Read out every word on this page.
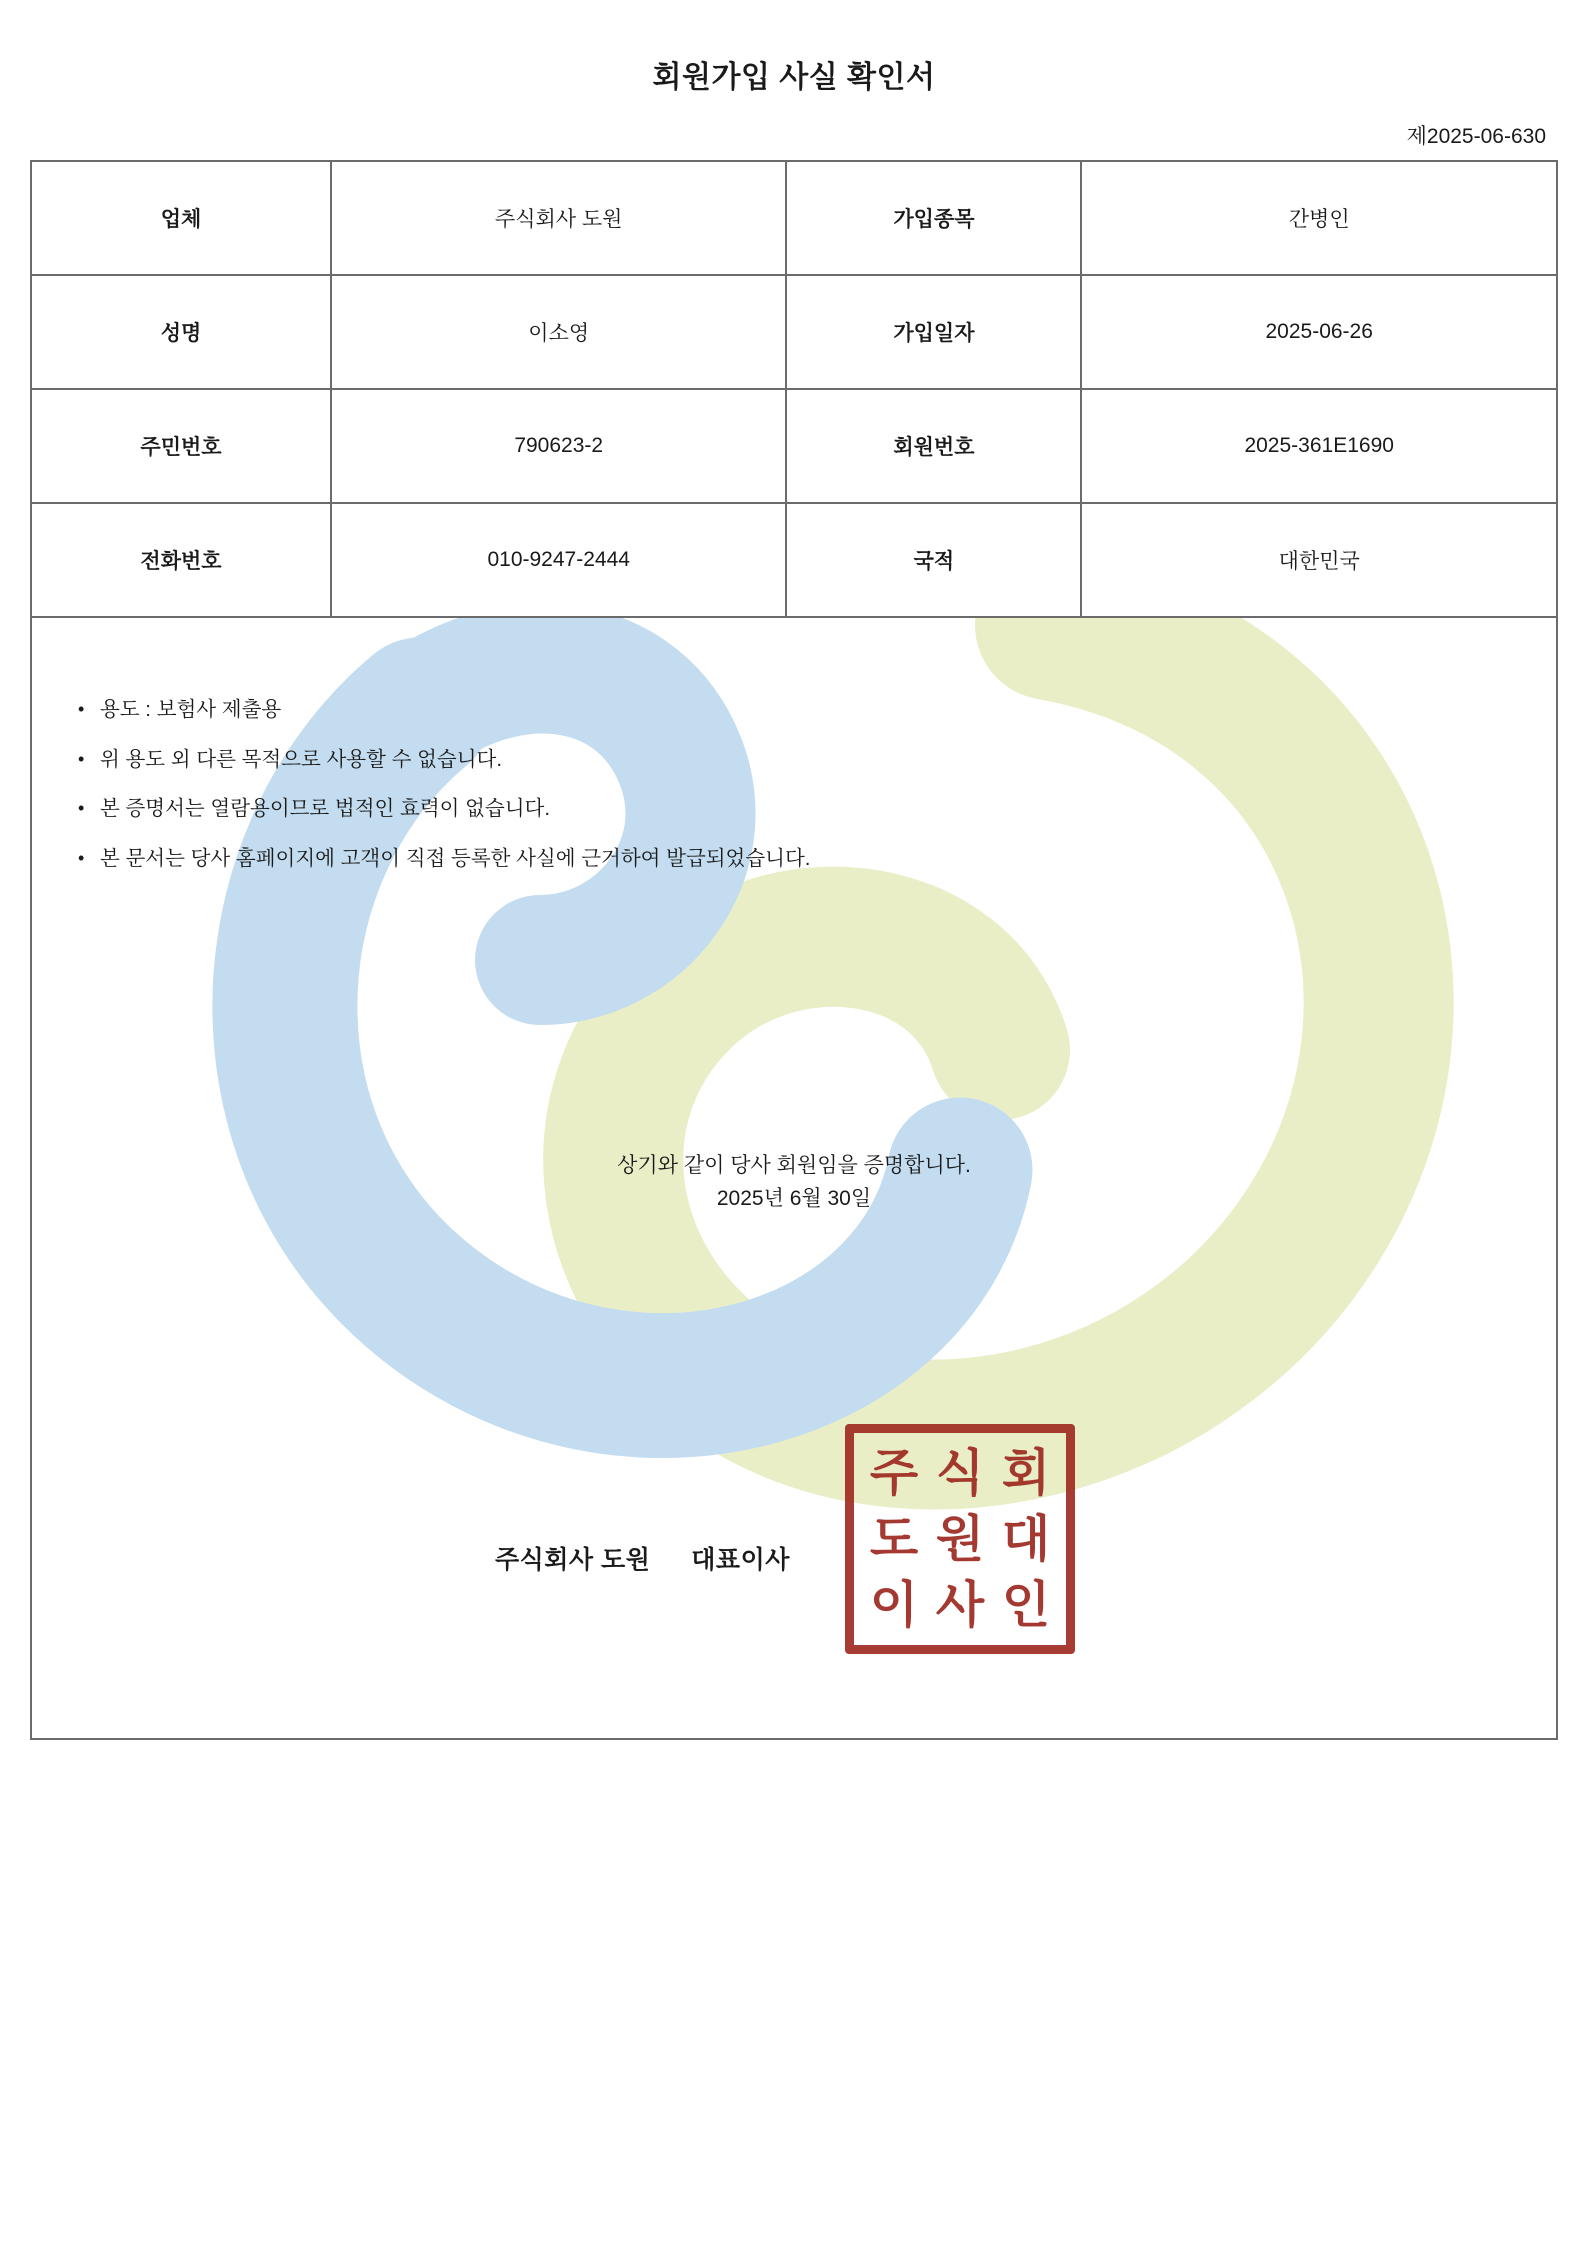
회원가입 사실 확인서
제2025-06-630
업체	주식회사 도원	가입종목	간병인
성명	이소영	가입일자	2025-06-26
주민번호	790623-2	회원번호	2025-361E1690
전화번호	010-9247-2444	국적	대한민국
• 용도 : 보험사 제출용
• 위 용도 외 다른 목적으로 사용할 수 없습니다.
• 본 증명서는 열람용이므로 법적인 효력이 없습니다.
• 본 문서는 당사 홈페이지에 고객이 직접 등록한 사실에 근거하여 발급되었습니다.
상기와 같이 당사 회원임을 증명합니다.
2025년 6월 30일
주식회사 도원 대표이사
주 식 회
도 원 대
이 사 인
